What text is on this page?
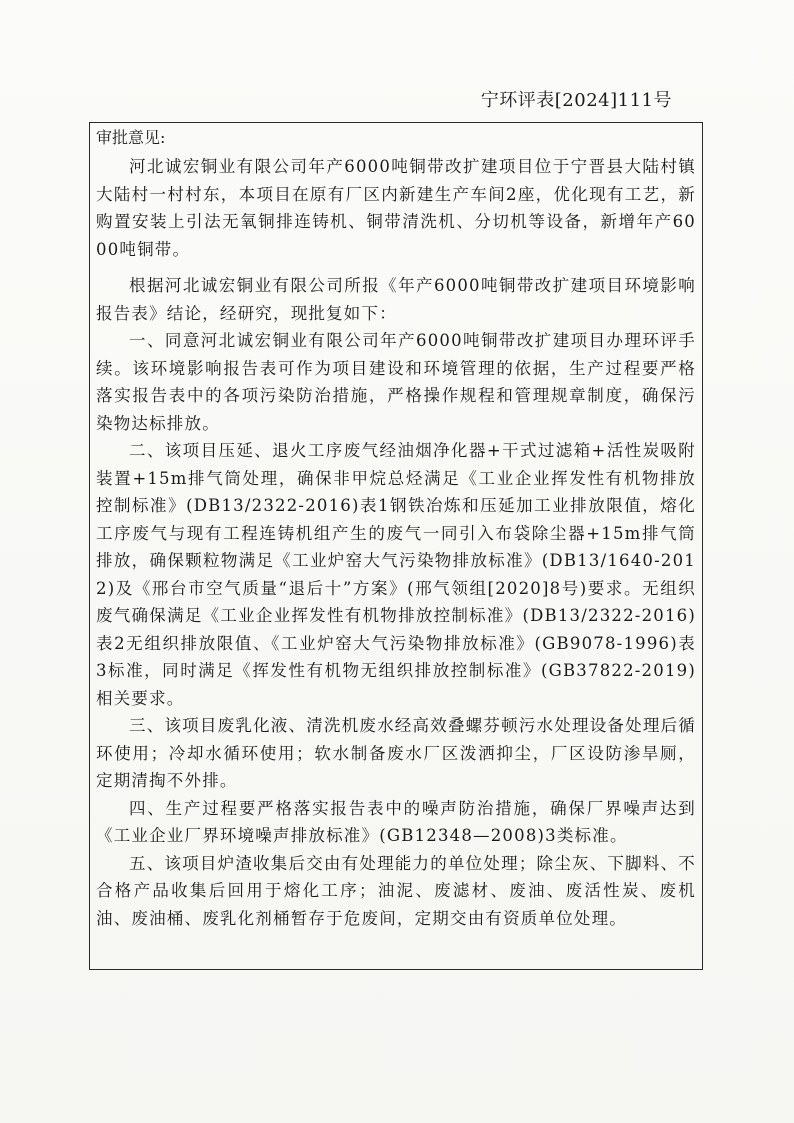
宁环评表[2024]111号
审批意见:

河北诚宏铜业有限公司年产6000吨铜带改扩建项目位于宁晋县大陆村镇大陆村一村村东，本项目在原有厂区内新建生产车间2座，优化现有工艺，新购置安装上引法无氧铜排连铸机、铜带清洗机、分切机等设备，新增年产6000吨铜带。

根据河北诚宏铜业有限公司所报《年产6000吨铜带改扩建项目环境影响报告表》结论，经研究，现批复如下：

一、同意河北诚宏铜业有限公司年产6000吨铜带改扩建项目办理环评手续。该环境影响报告表可作为项目建设和环境管理的依据，生产过程要严格落实报告表中的各项污染防治措施，严格操作规程和管理规章制度，确保污染物达标排放。

二、该项目压延、退火工序废气经油烟净化器+干式过滤箱+活性炭吸附装置+15m排气筒处理，确保非甲烷总烃满足《工业企业挥发性有机物排放控制标准》(DB13/2322-2016)表1钢铁冶炼和压延加工业排放限值，熔化工序废气与现有工程连铸机组产生的废气一同引入布袋除尘器+15m排气筒排放，确保颗粒物满足《工业炉窑大气污染物排放标准》(DB13/1640-2012)及《邢台市空气质量“退后十”方案》(邢气领组[2020]8号)要求。无组织废气确保满足《工业企业挥发性有机物排放控制标准》(DB13/2322-2016)表2无组织排放限值、《工业炉窑大气污染物排放标准》(GB9078-1996)表3标准，同时满足《挥发性有机物无组织排放控制标准》(GB37822-2019)相关要求。

三、该项目废乳化液、清洗机废水经高效叠螺芬顿污水处理设备处理后循环使用；冷却水循环使用；软水制备废水厂区泼洒抑尘，厂区设防渗旱厕，定期清掏不外排。

四、生产过程要严格落实报告表中的噪声防治措施，确保厂界噪声达到《工业企业厂界环境噪声排放标准》(GB12348—2008)3类标准。

五、该项目炉渣收集后交由有处理能力的单位处理；除尘灰、下脚料、不合格产品收集后回用于熔化工序；油泥、废滤材、废油、废活性炭、废机油、废油桶、废乳化剂桶暂存于危废间，定期交由有资质单位处理。
